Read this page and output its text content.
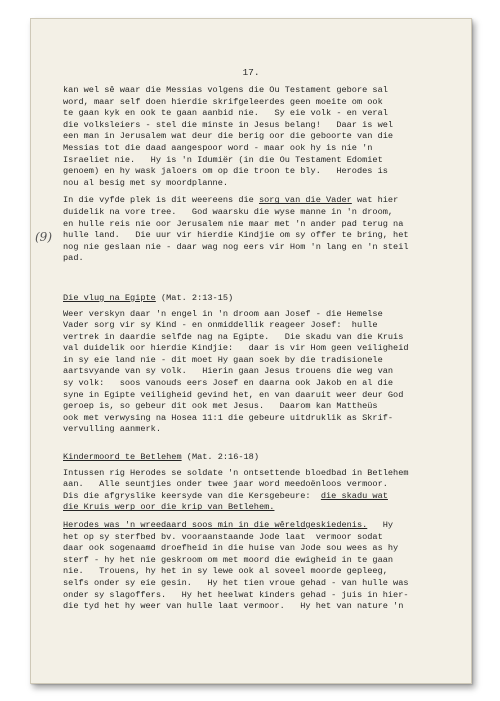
17.
kan wel sê waar die Messias volgens die Ou Testament gebore sal
word, maar self doen hierdie skrifgeleerdes geen moeite om ook
te gaan kyk en ook te gaan aanbid nie.   Sy eie volk - en veral
die volksleiers - stel die minste in Jesus belang!   Daar is wel
een man in Jerusalem wat deur die berig oor die geboorte van die
Messias tot die daad aangespoor word - maar ook hy is nie 'n
Israeliet nie.   Hy is 'n Idumiër (in die Ou Testament Edomiet
genoem) en hy wask jaloers om op die troon te bly.   Herodes is
nou al besig met sy moordplanne.
In die vyfde plek is dit weereens die sorg van die Vader wat hier
duidelik na vore tree.   God waarsku die wyse manne in 'n droom,
en hulle reis nie oor Jerusalem nie maar met 'n ander pad terug na
hulle land.   Die uur vir hierdie Kindjie om sy offer te bring, het
nog nie geslaan nie - daar wag nog eers vir Hom 'n lang en 'n steil
pad.
Die vlug na Egipte (Mat. 2:13-15)
Weer verskyn daar 'n engel in 'n droom aan Josef - die Hemelse
Vader sorg vir sy Kind - en onmiddellik reageer Josef:  hulle
vertrek in daardie selfde nag na Egipte.   Die skadu van die Kruis
val duidelik oor hierdie Kindjie:   daar is vir Hom geen veiligheid
in sy eie land nie - dit moet Hy gaan soek by die tradisionele
aartsvyande van sy volk.   Hierin gaan Jesus trouens die weg van
sy volk:   soos vanouds eers Josef en daarna ook Jakob en al die
syne in Egipte veiligheid gevind het, en van daaruit weer deur God
geroep is, so gebeur dit ook met Jesus.   Daarom kan Mattheüs
ook met verwysing na Hosea 11:1 die gebeure uitdruklik as Skrif-
vervulling aanmerk.
Kindermoord te Betlehem (Mat. 2:16-18)
Intussen rig Herodes se soldate 'n ontsettende bloedbad in Betlehem
aan.   Alle seuntjies onder twee jaar word meedoënloos vermoor.
Dis die afgryslike keersyde van die Kersgebeure:  die skadu wat
die Kruis werp oor die krip van Betlehem.
Herodes was 'n wreedaard soos min in die wêreldgeskiedenis.   Hy
het op sy sterfbed bv. vooraanstaande Jode laat  vermoor sodat
daar ook sogenaamd droefheid in die huise van Jode sou wees as hy
sterf - hy het nie geskroom om met moord die ewigheid in te gaan
nie.   Trouens, hy het in sy lewe ook al soveel moorde gepleeg,
selfs onder sy eie gesin.   Hy het tien vroue gehad - van hulle was
onder sy slagoffers.   Hy het heelwat kinders gehad - juis in hier-
die tyd het hy weer van hulle laat vermoor.   Hy het van nature 'n
(9)
